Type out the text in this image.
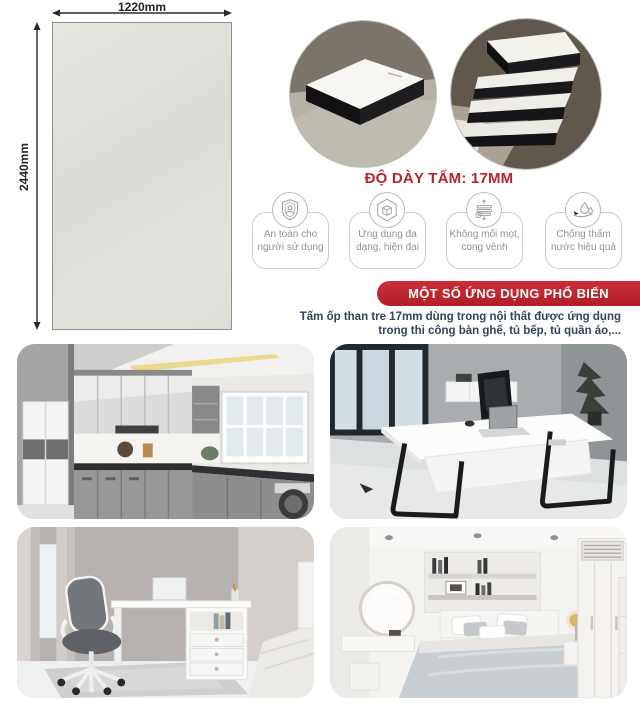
1220mm
2440mm	ĐỘ DÀY TẤM: 17MM
An toàn cho
người sử dụng
Ứng dụng đa
dạng, hiện đại
Không mối mọt,
cong vênh
Chống thấm
nước hiệu quả
MỘT SỐ ỨNG DỤNG PHỔ BIẾN
Tấm ốp than tre 17mm dùng trong nội thất được ứng dụng
trong thi công bàn ghế, tủ bếp, tủ quần áo,...
